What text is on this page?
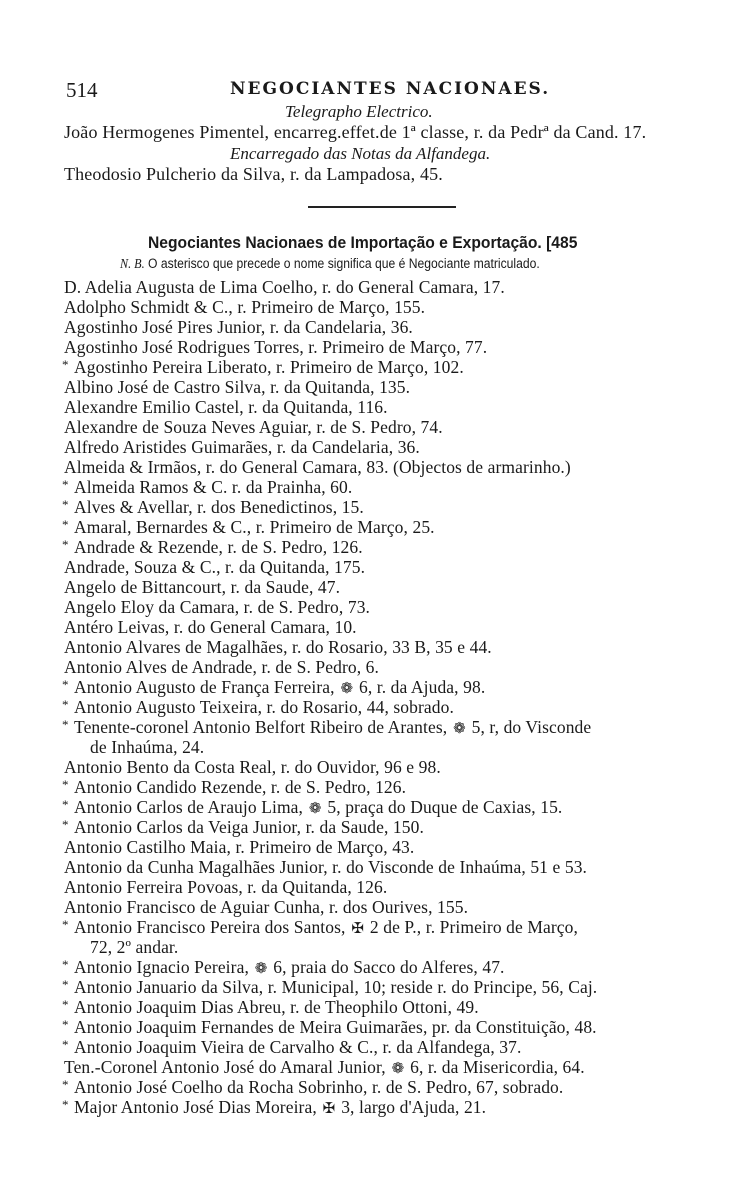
514	NEGOCIANTES NACIONAES.
Telegrapho Electrico.
João Hermogenes Pimentel, encarreg.effet.de 1ª classe, r. da Pedrª da Cand. 17.
Encarregado das Notas da Alfandega.
Theodosio Pulcherio da Silva, r. da Lampadosa, 45.
Negociantes Nacionaes de Importação e Exportação. [485
N. B. O asterisco que precede o nome significa que é Negociante matriculado.
D. Adelia Augusta de Lima Coelho, r. do General Camara, 17.
Adolpho Schmidt & C., r. Primeiro de Março, 155.
Agostinho José Pires Junior, r. da Candelaria, 36.
Agostinho José Rodrigues Torres, r. Primeiro de Março, 77.
* Agostinho Pereira Liberato, r. Primeiro de Março, 102.
Albino José de Castro Silva, r. da Quitanda, 135.
Alexandre Emilio Castel, r. da Quitanda, 116.
Alexandre de Souza Neves Aguiar, r. de S. Pedro, 74.
Alfredo Aristides Guimarães, r. da Candelaria, 36.
Almeida & Irmãos, r. do General Camara, 83. (Objectos de armarinho.)
* Almeida Ramos & C. r. da Prainha, 60.
* Alves & Avellar, r. dos Benedictinos, 15.
* Amaral, Bernardes & C., r. Primeiro de Março, 25.
* Andrade & Rezende, r. de S. Pedro, 126.
Andrade, Souza & C., r. da Quitanda, 175.
Angelo de Bittancourt, r. da Saude, 47.
Angelo Eloy da Camara, r. de S. Pedro, 73.
Antéro Leivas, r. do General Camara, 10.
Antonio Alvares de Magalhães, r. do Rosario, 33 B, 35 e 44.
Antonio Alves de Andrade, r. de S. Pedro, 6.
* Antonio Augusto de França Ferreira, ❁ 6, r. da Ajuda, 98.
* Antonio Augusto Teixeira, r. do Rosario, 44, sobrado.
* Tenente-coronel Antonio Belfort Ribeiro de Arantes, ❁ 5, r, do Visconde
de Inhaúma, 24.
Antonio Bento da Costa Real, r. do Ouvidor, 96 e 98.
* Antonio Candido Rezende, r. de S. Pedro, 126.
* Antonio Carlos de Araujo Lima, ❁ 5, praça do Duque de Caxias, 15.
* Antonio Carlos da Veiga Junior, r. da Saude, 150.
Antonio Castilho Maia, r. Primeiro de Março, 43.
Antonio da Cunha Magalhães Junior, r. do Visconde de Inhaúma, 51 e 53.
Antonio Ferreira Povoas, r. da Quitanda, 126.
Antonio Francisco de Aguiar Cunha, r. dos Ourives, 155.
* Antonio Francisco Pereira dos Santos, ✠ 2 de P., r. Primeiro de Março,
72, 2º andar.
* Antonio Ignacio Pereira, ❁ 6, praia do Sacco do Alferes, 47.
* Antonio Januario da Silva, r. Municipal, 10; reside r. do Principe, 56, Caj.
* Antonio Joaquim Dias Abreu, r. de Theophilo Ottoni, 49.
* Antonio Joaquim Fernandes de Meira Guimarães, pr. da Constituição, 48.
* Antonio Joaquim Vieira de Carvalho & C., r. da Alfandega, 37.
Ten.-Coronel Antonio José do Amaral Junior, ❁ 6, r. da Misericordia, 64.
* Antonio José Coelho da Rocha Sobrinho, r. de S. Pedro, 67, sobrado.
* Major Antonio José Dias Moreira, ✠ 3, largo d'Ajuda, 21.
